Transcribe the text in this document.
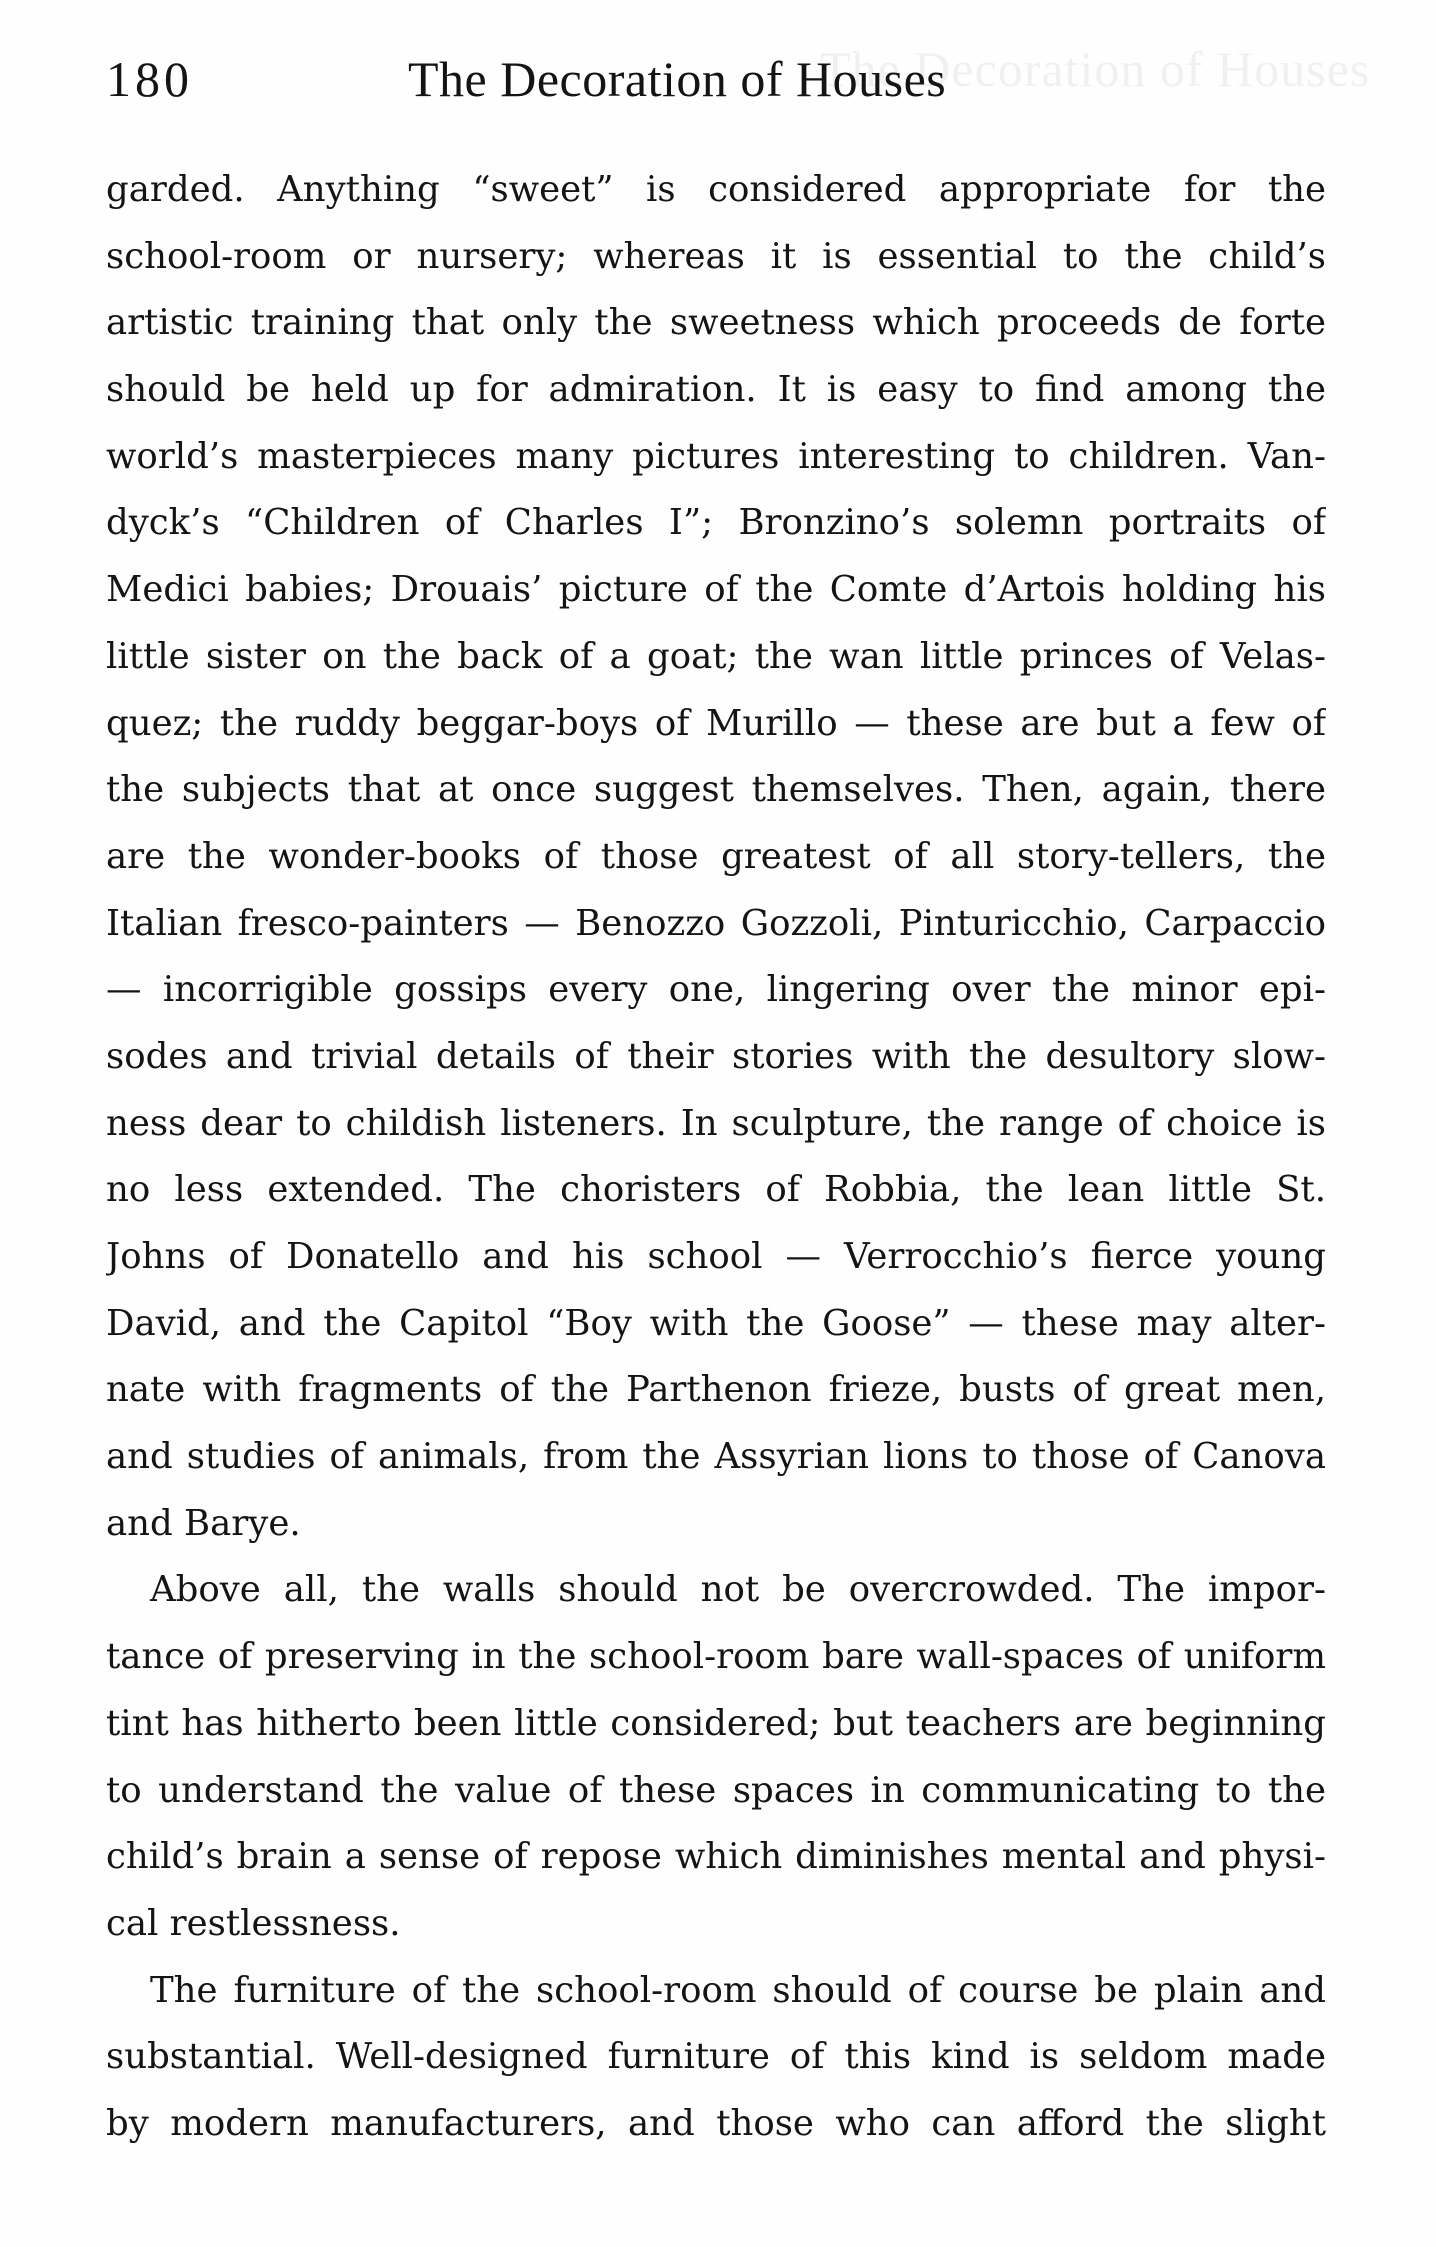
The Decoration of Houses
180	The Decoration of Houses
garded. Anything “sweet” is considered appropriate for the
school-room or nursery; whereas it is essential to the child’s
artistic training that only the sweetness which proceeds de forte
should be held up for admiration. It is easy to find among the
world’s masterpieces many pictures interesting to children. Van-
dyck’s “Children of Charles I”; Bronzino’s solemn portraits of
Medici babies; Drouais’ picture of the Comte d’Artois holding his
little sister on the back of a goat; the wan little princes of Velas-
quez; the ruddy beggar-boys of Murillo — these are but a few of
the subjects that at once suggest themselves. Then, again, there
are the wonder-books of those greatest of all story-tellers, the
Italian fresco-painters — Benozzo Gozzoli, Pinturicchio, Carpaccio
— incorrigible gossips every one, lingering over the minor epi-
sodes and trivial details of their stories with the desultory slow-
ness dear to childish listeners. In sculpture, the range of choice is
no less extended. The choristers of Robbia, the lean little St.
Johns of Donatello and his school — Verrocchio’s fierce young
David, and the Capitol “Boy with the Goose” — these may alter-
nate with fragments of the Parthenon frieze, busts of great men,
and studies of animals, from the Assyrian lions to those of Canova
and Barye.
Above all, the walls should not be overcrowded. The impor-
tance of preserving in the school-room bare wall-spaces of uniform
tint has hitherto been little considered; but teachers are beginning
to understand the value of these spaces in communicating to the
child’s brain a sense of repose which diminishes mental and physi-
cal restlessness.
The furniture of the school-room should of course be plain and
substantial. Well-designed furniture of this kind is seldom made
by modern manufacturers, and those who can afford the slight
